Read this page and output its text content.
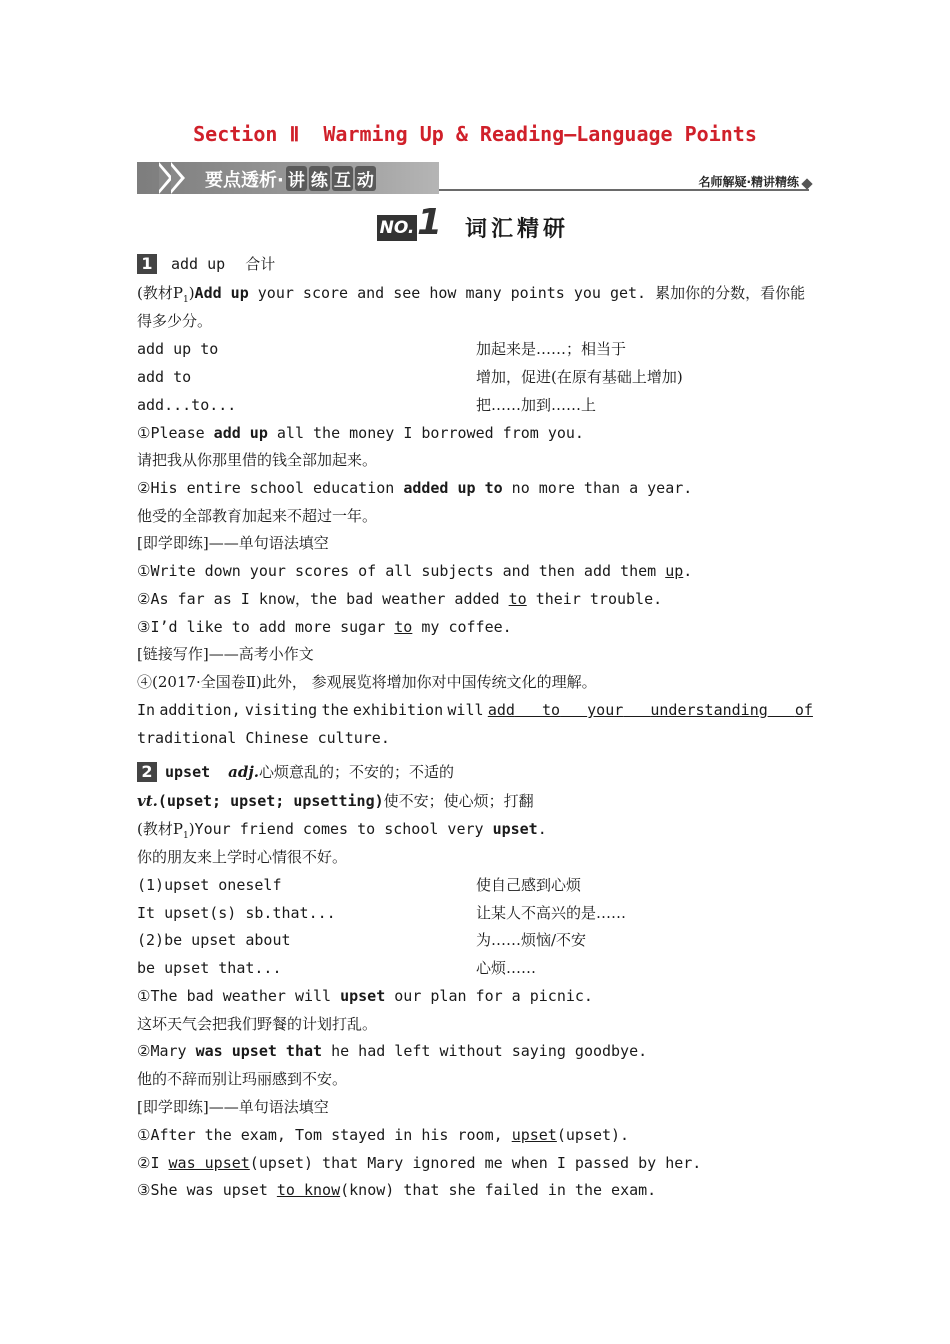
Section Ⅱ  Warming Up & Reading—Language Points
要点透析· 讲 练 互 动	名师解疑·精讲精练
NO. 1 词汇精研
1 add up 合计
(教材$P_1)Add$ up your score and see how many points you get. 累加你的分数，看你能
得多少分。
add up to	加起来是……；相当于
add to	增加，促进(在原有基础上增加)
add...to...	把……加到……上
①Please add up all the money I borrowed from you.
请把我从你那里借的钱全部加起来。
②His entire school education added up to no more than a year.
他受的全部教育加起来不超过一年。
[即学即练]——单句语法填空
①Write down your scores of all subjects and then add them up.
②As far as I know，the bad weather added to their trouble.
③I’d like to add more sugar to my coffee.
[链接写作]——高考小作文
④(2017·全国卷Ⅱ)此外， 参观展览将增加你对中国传统文化的理解。
In addition, visiting the exhibition will add to your understanding of
traditional Chinese culture.
2 upset adj.心烦意乱的；不安的；不适的
vt.(upset; upset; upsetting)使不安；使心烦；打翻
(教材$P_1)Your$ friend comes to school very upset.
你的朋友来上学时心情很不好。
(1)upset oneself	使自己感到心烦
It upset(s) sb.that...	让某人不高兴的是……
(2)be upset about	为……烦恼/不安
be upset that...	心烦……
①The bad weather will upset our plan for a picnic.
这坏天气会把我们野餐的计划打乱。
②Mary was upset that he had left without saying goodbye.
他的不辞而别让玛丽感到不安。
[即学即练]——单句语法填空
①After the exam, Tom stayed in his room, upset(upset).
②I was upset(upset) that Mary ignored me when I passed by her.
③She was upset to know(know) that she failed in the exam.
